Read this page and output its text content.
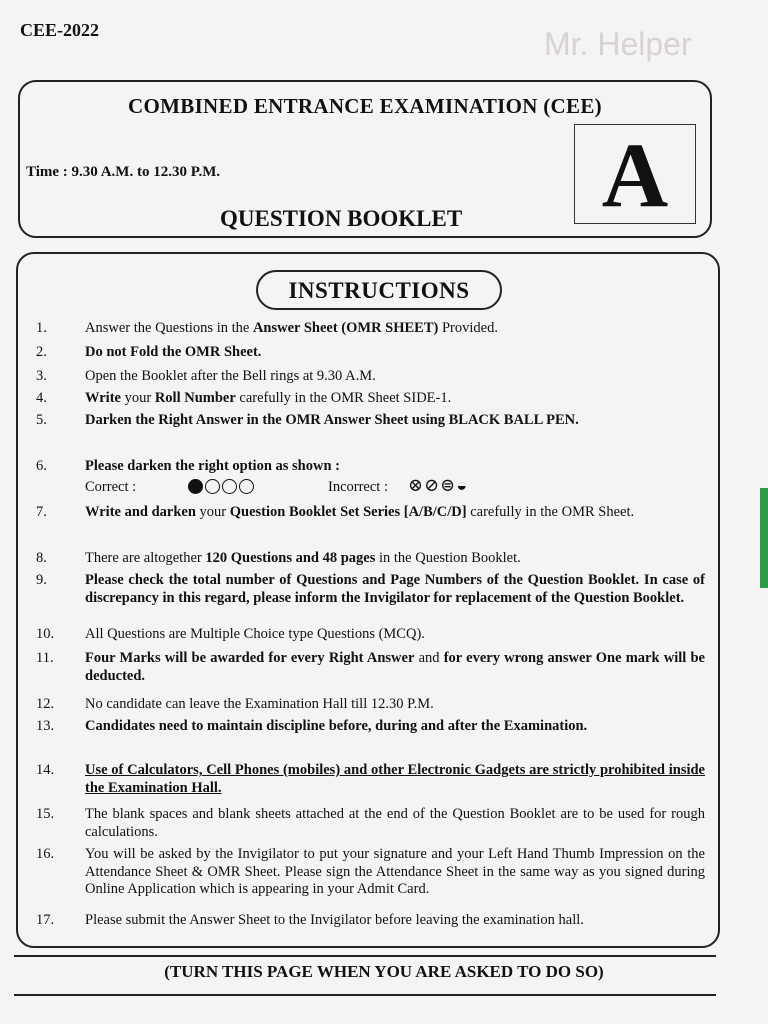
CEE-2022	Mr. Helper
COMBINED ENTRANCE EXAMINATION (CEE)
Time : 9.30 A.M. to 12.30 P.M.
QUESTION BOOKLET	A
INSTRUCTIONS
1.	Answer the Questions in the Answer Sheet (OMR SHEET) Provided.
2.	Do not Fold the OMR Sheet.
3.	Open the Booklet after the Bell rings at 9.30 A.M.
4.	Write your Roll Number carefully in the OMR Sheet SIDE-1.
5.	Darken the Right Answer in the OMR Answer Sheet using BLACK BALL PEN.
6.	Please darken the right option as shown :
Correct :	Incorrect : ⊗⊘⊜◒
7.	Write and darken your Question Booklet Set Series [A/B/C/D] carefully in the OMR Sheet.
8.	There are altogether 120 Questions and 48 pages in the Question Booklet.
9.	Please check the total number of Questions and Page Numbers of the Question Booklet. In case of discrepancy in this regard, please inform the Invigilator for replacement of the Question Booklet.
10.	All Questions are Multiple Choice type Questions (MCQ).
11.	Four Marks will be awarded for every Right Answer and for every wrong answer One mark will be deducted.
12.	No candidate can leave the Examination Hall till 12.30 P.M.
13.	Candidates need to maintain discipline before, during and after the Examination.
14.	Use of Calculators, Cell Phones (mobiles) and other Electronic Gadgets are strictly prohibited inside the Examination Hall.
15.	The blank spaces and blank sheets attached at the end of the Question Booklet are to be used for rough calculations.
16.	You will be asked by the Invigilator to put your signature and your Left Hand Thumb Impression on the Attendance Sheet & OMR Sheet. Please sign the Attendance Sheet in the same way as you signed during Online Application which is appearing in your Admit Card.
17.	Please submit the Answer Sheet to the Invigilator before leaving the examination hall.
(TURN THIS PAGE WHEN YOU ARE ASKED TO DO SO)
